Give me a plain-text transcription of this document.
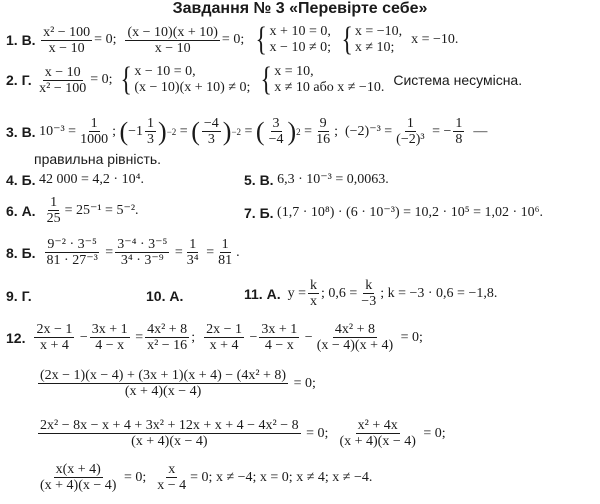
Завдання № 3 «Перевірте себе»
1. В.
$\frac{\text{x² − 100}}{x - 10} = 0$;
$\frac{(x - 10)(x + 10)}{x - 10} = 0$;
{ x + 10 = 0,
x − 10 ≠ 0;
{ x = −10,
x ≠ 10;

x = −10.
2. Г.
$\frac{x - 10}{\text{x² − 100}} = 0$;
{ x − 10 = 0,
(x − 10)(x + 10) ≠ 0;
{ x = 10,
x ≠ 10 або x ≠ −10.
Система несумісна.
3. В.
$10^{-3} = \frac{1}{1000}$ ;
( $-1 \frac{1}{3}$ ) −2 = ( $\frac{-4}{3}$ ) −2 = ( $\frac{3}{-4}$ ) $2 = \frac{9}{16}$ ; $(-2)^{-3} = \frac{1}{\text{(−2)³}}$ = − $\frac{1}{8}$ —
правильна рівність.
4. Б.
42 000 = 4,2 · 10⁴.	5. В.
6,3 · 10⁻³ = 0,0063.
6. А.
$\frac{1}{25} = 25^{-1} = 5^{-2}$.	7. Б.
(1,7 · 10⁸) · (6 · 10⁻³) = 10,2 · 10⁵ = 1,02 · 10⁶.
8. Б.
$\frac{\text{9⁻² · 3⁻⁵}}{\text{81 · 27⁻³}} = \frac{\text{3⁻⁴ · 3⁻⁵}}{\text{3⁴ · 3⁻⁹}} = \frac{1}{\text{3⁴}} = \frac{1}{81}$ .
9. Г.	10. А.	11. А.
$y = \frac{k}{x}$ ; $0,6 = \frac{k}{-3}$ ; k = −3 · 0,6 = −1,8.
12.
$\frac{2x - 1}{x + 4} - \frac{3x + 1}{4 - x} = \frac{\text{4x² + 8}}{\text{x² − 16}}$ ; $\frac{2x - 1}{x + 4} - \frac{3x + 1}{4 - x} - \frac{\text{4x² + 8}}{(x - 4)(x + 4)} = 0$;
$\frac{\text{(2x − 1)(x − 4) + (3x + 1)(x + 4) − (4x² + 8)}}{(x + 4)(x - 4)} = 0$;
$\frac{\text{2x² − 8x − x + 4 + 3x² + 12x + x + 4 − 4x² − 8}}{(x + 4)(x - 4)} = 0$; $\frac{\text{x² + 4x}}{(x + 4)(x - 4)} = 0$;
$\frac{x(x + 4)}{(x + 4)(x - 4)} = 0$; $\frac{x}{x - 4} = 0$; x ≠ −4; x = 0; x ≠ 4; x ≠ −4.
